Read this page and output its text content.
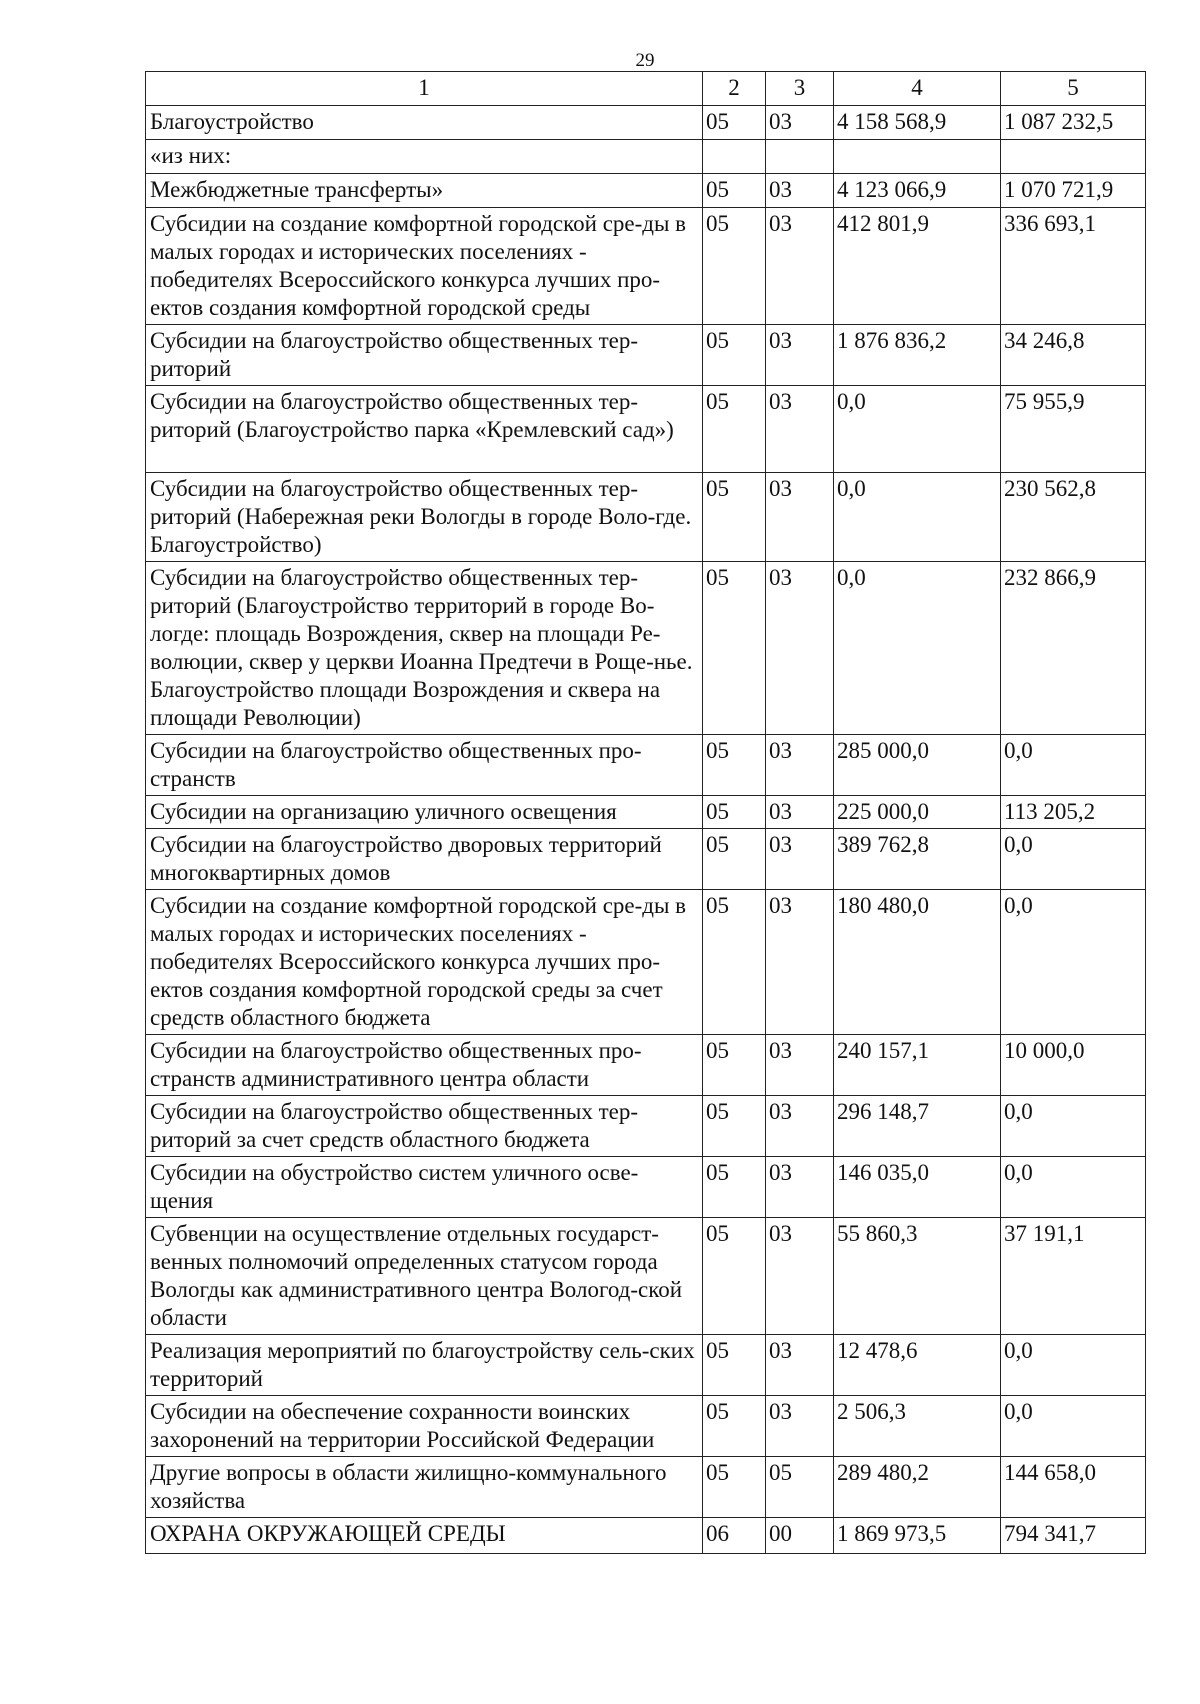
29
1	2	3	4	5
Благоустройство	05	03	4 158 568,9	1 087 232,5
«из них:				
Межбюджетные трансферты»	05	03	4 123 066,9	1 070 721,9
Субсидии на создание комфортной городской сре-ды в малых городах и исторических поселениях - победителях Всероссийского конкурса лучших про-ектов создания комфортной городской среды	05	03	412 801,9	336 693,1
Субсидии на благоустройство общественных тер-риторий	05	03	1 876 836,2	34 246,8
Субсидии на благоустройство общественных тер-риторий (Благоустройство парка «Кремлевский сад»)	05	03	0,0	75 955,9
Субсидии на благоустройство общественных тер-риторий (Набережная реки Вологды в городе Воло-где. Благоустройство)	05	03	0,0	230 562,8
Субсидии на благоустройство общественных тер-риторий (Благоустройство территорий в городе Во-логде: площадь Возрождения, сквер на площади Ре-волюции, сквер у церкви Иоанна Предтечи в Роще-нье. Благоустройство площади Возрождения и сквера на площади Революции)	05	03	0,0	232 866,9
Субсидии на благоустройство общественных про-странств	05	03	285 000,0	0,0
Субсидии на организацию уличного освещения	05	03	225 000,0	113 205,2
Субсидии на благоустройство дворовых территорий многоквартирных домов	05	03	389 762,8	0,0
Субсидии на создание комфортной городской сре-ды в малых городах и исторических поселениях - победителях Всероссийского конкурса лучших про-ектов создания комфортной городской среды за счет средств областного бюджета	05	03	180 480,0	0,0
Субсидии на благоустройство общественных про-странств административного центра области	05	03	240 157,1	10 000,0
Субсидии на благоустройство общественных тер-риторий за счет средств областного бюджета	05	03	296 148,7	0,0
Субсидии на обустройство систем уличного осве-щения	05	03	146 035,0	0,0
Субвенции на осуществление отдельных государст-венных полномочий определенных статусом города Вологды как административного центра Вологод-ской области	05	03	55 860,3	37 191,1
Реализация мероприятий по благоустройству сель-ских территорий	05	03	12 478,6	0,0
Субсидии на обеспечение сохранности воинских захоронений на территории Российской Федерации	05	03	2 506,3	0,0
Другие вопросы в области жилищно-коммунального хозяйства	05	05	289 480,2	144 658,0
ОХРАНА ОКРУЖАЮЩЕЙ СРЕДЫ	06	00	1 869 973,5	794 341,7
